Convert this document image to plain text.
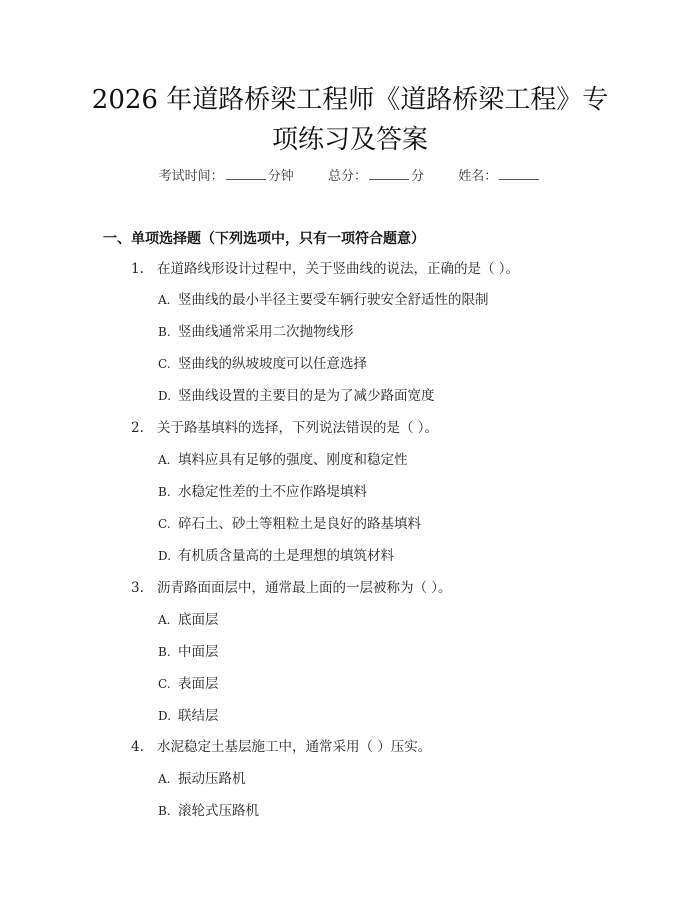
2026 年道路桥梁工程师《道路桥梁工程》专
项练习及答案
考试时间：	分钟	总分：	分	姓名：
一、单项选择题（下列选项中，只有一项符合题意）
1. 在道路线形设计过程中，关于竖曲线的说法，正确的是（ ）。
A. 竖曲线的最小半径主要受车辆行驶安全舒适性的限制
B. 竖曲线通常采用二次抛物线形
C. 竖曲线的纵坡坡度可以任意选择
D. 竖曲线设置的主要目的是为了减少路面宽度
2. 关于路基填料的选择，下列说法错误的是（ ）。
A. 填料应具有足够的强度、刚度和稳定性
B. 水稳定性差的土不应作路堤填料
C. 碎石土、砂土等粗粒土是良好的路基填料
D. 有机质含量高的土是理想的填筑材料
3. 沥青路面面层中，通常最上面的一层被称为（ ）。
A. 底面层
B. 中面层
C. 表面层
D. 联结层
4. 水泥稳定土基层施工中，通常采用（ ）压实。
A. 振动压路机
B. 滚轮式压路机
